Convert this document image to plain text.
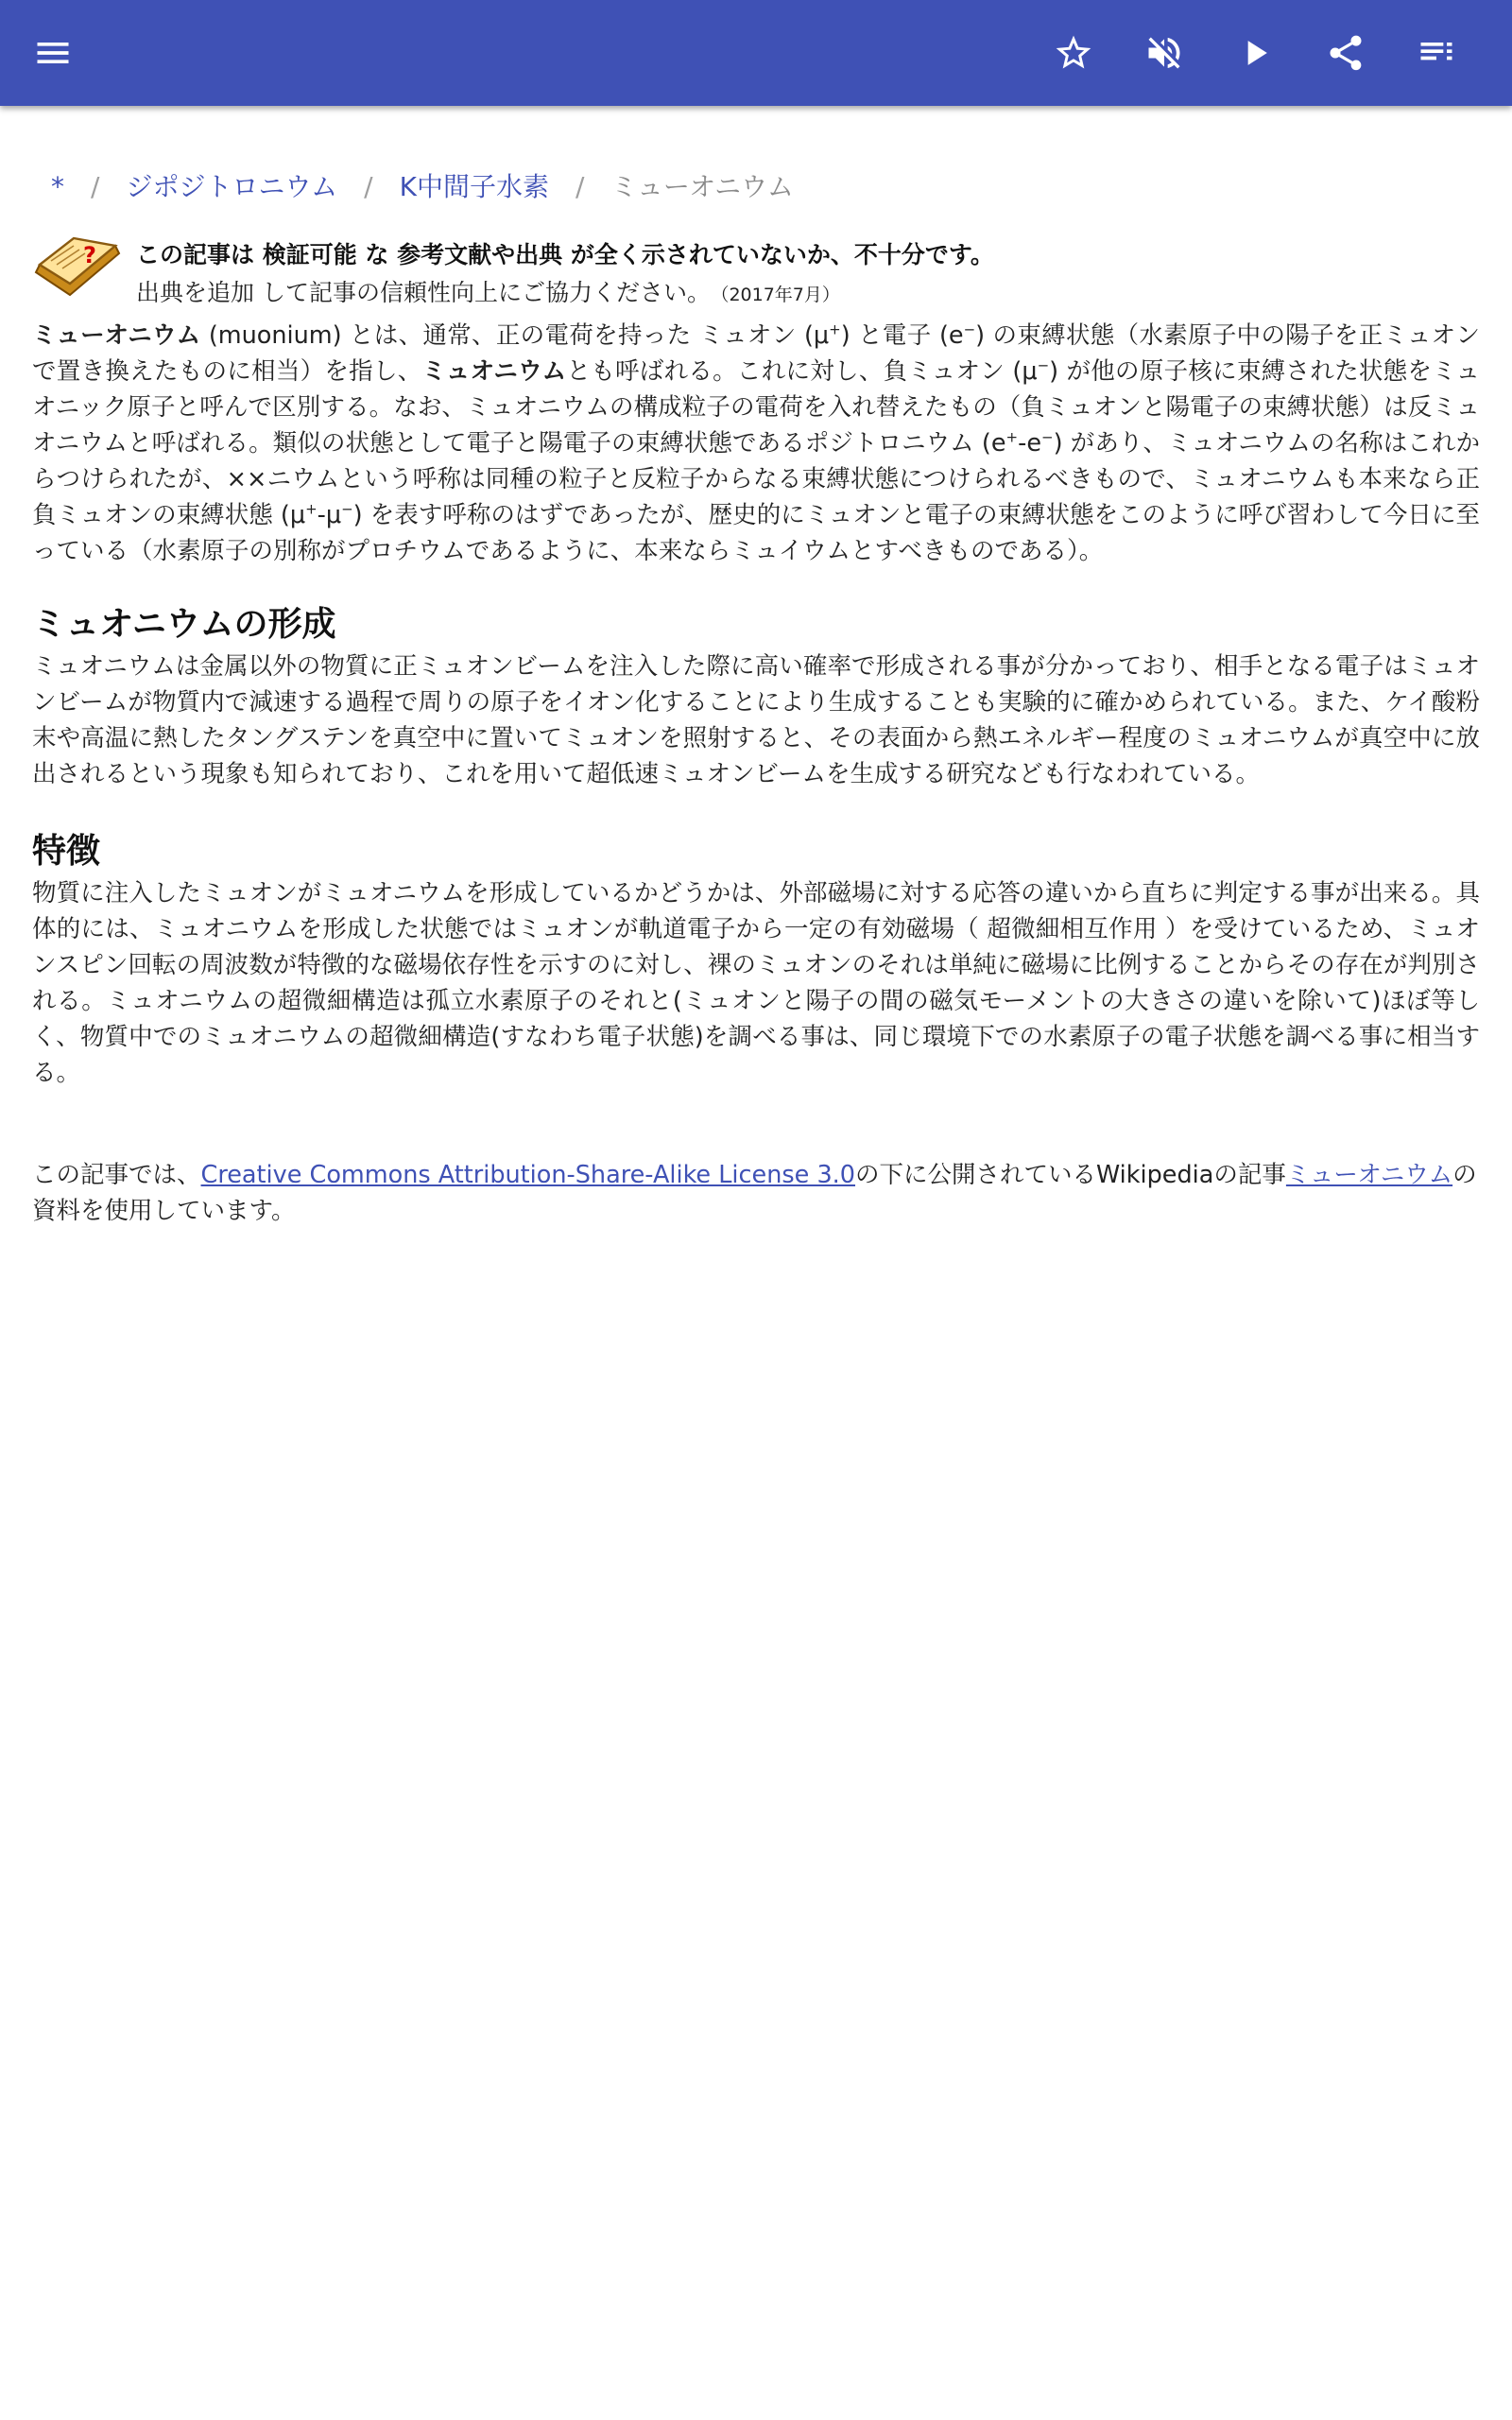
* / ジポジトロニウム / K中間子水素 / ミューオニウム
? この記事は 検証可能 な 参考文献や出典 が全く示されていないか、不十分です。
出典を追加 して記事の信頼性向上にご協力ください。 （2017年7月）

ミューオニウム (muonium) とは、通常、正の電荷を持った ミュオン (μ+) と電子 (e−) の束縛状態（水素原子中の陽子を正ミュオンで置き換えたものに相当）を指し、ミュオニウムとも呼ばれる。これに対し、負ミュオン (μ−) が他の原子核に束縛された状態をミュオニック原子と呼んで区別する。なお、ミュオニウムの構成粒子の電荷を入れ替えたもの（負ミュオンと陽電子の束縛状態）は反ミュオニウムと呼ばれる。類似の状態として電子と陽電子の束縛状態であるポジトロニウム (e+-e−) があり、ミュオニウムの名称はこれからつけられたが、××ニウムという呼称は同種の粒子と反粒子からなる束縛状態につけられるべきもので、ミュオニウムも本来なら正負ミュオンの束縛状態 (μ+-μ−) を表す呼称のはずであったが、歴史的にミュオンと電子の束縛状態をこのように呼び習わして今日に至っている（水素原子の別称がプロチウムであるように、本来ならミュイウムとすべきものである）。

ミュオニウムの形成

ミュオニウムは金属以外の物質に正ミュオンビームを注入した際に高い確率で形成される事が分かっており、相手となる電子はミュオンビームが物質内で減速する過程で周りの原子をイオン化することにより生成することも実験的に確かめられている。また、ケイ酸粉末や高温に熱したタングステンを真空中に置いてミュオンを照射すると、その表面から熱エネルギー程度のミュオニウムが真空中に放出されるという現象も知られており、これを用いて超低速ミュオンビームを生成する研究なども行なわれている。

特徴

物質に注入したミュオンがミュオニウムを形成しているかどうかは、外部磁場に対する応答の違いから直ちに判定する事が出来る。具体的には、ミュオニウムを形成した状態ではミュオンが軌道電子から一定の有効磁場（ 超微細相互作用 ）を受けているため、ミュオンスピン回転の周波数が特徴的な磁場依存性を示すのに対し、裸のミュオンのそれは単純に磁場に比例することからその存在が判別される。ミュオニウムの超微細構造は孤立水素原子のそれと(ミュオンと陽子の間の磁気モーメントの大きさの違いを除いて)ほぼ等しく、物質中でのミュオニウムの超微細構造(すなわち電子状態)を調べる事は、同じ環境下での水素原子の電子状態を調べる事に相当する。

この記事では、Creative Commons Attribution-Share-Alike License 3.0の下に公開されているWikipediaの記事ミューオニウムの資料を使用しています。
